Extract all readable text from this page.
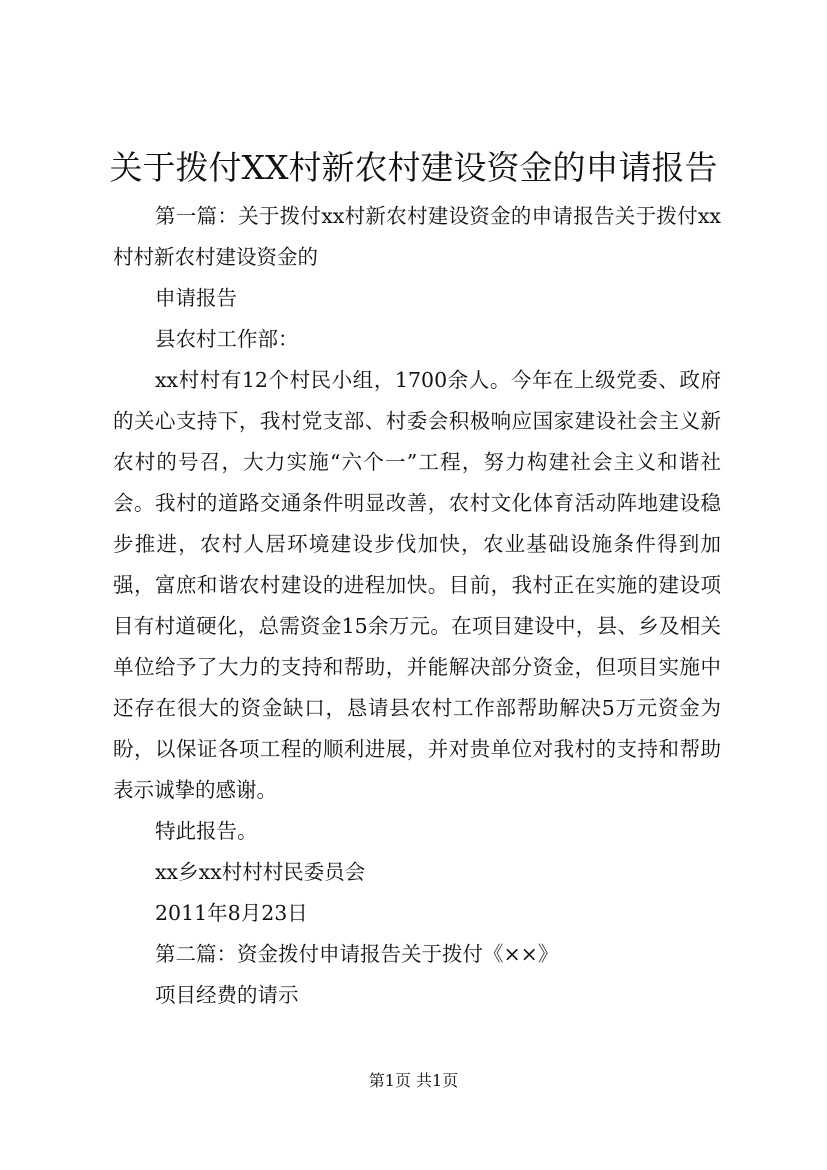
关于拨付XX村新农村建设资金的申请报告

第一篇：关于拨付xx村新农村建设资金的申请报告关于拨付xx村村新农村建设资金的

申请报告

县农村工作部：

xx村村有12个村民小组，1700余人。今年在上级党委、政府的关心支持下，我村党支部、村委会积极响应国家建设社会主义新农村的号召，大力实施“六个一”工程，努力构建社会主义和谐社会。我村的道路交通条件明显改善，农村文化体育活动阵地建设稳步推进，农村人居环境建设步伐加快，农业基础设施条件得到加强，富庶和谐农村建设的进程加快。目前，我村正在实施的建设项目有村道硬化，总需资金15余万元。在项目建设中，县、乡及相关单位给予了大力的支持和帮助，并能解决部分资金，但项目实施中还存在很大的资金缺口，恳请县农村工作部帮助解决5万元资金为盼，以保证各项工程的顺利进展，并对贵单位对我村的支持和帮助表示诚挚的感谢。

特此报告。

xx乡xx村村村民委员会

2011年8月23日

第二篇：资金拨付申请报告关于拨付《××》

项目经费的请示

第1页 共1页
